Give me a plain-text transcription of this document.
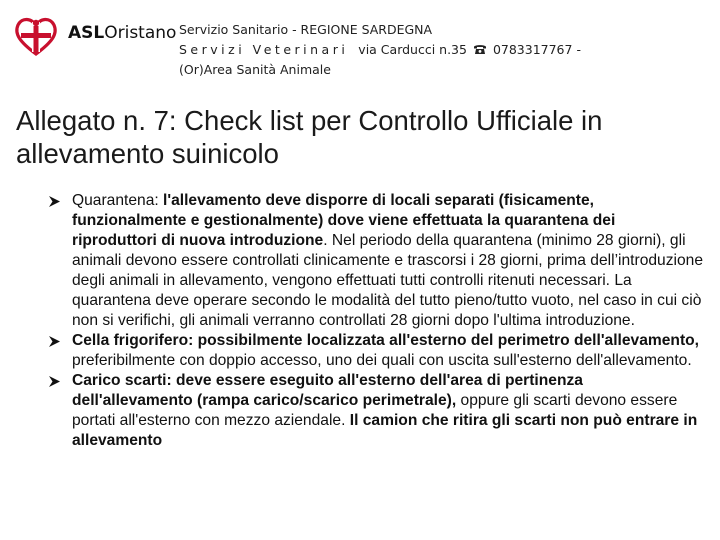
ASLOristano Servizio Sanitario - REGIONE SARDEGNA
Servizi Veterinari via Carducci n.35 0783317767 -
(Or)Area Sanità Animale
Allegato n. 7: Check list per Controllo Ufficiale in allevamento suinicolo
Quarantena: l'allevamento deve disporre di locali separati (fisicamente, funzionalmente e gestionalmente) dove viene effettuata la quarantena dei riproduttori di nuova introduzione. Nel periodo della quarantena (minimo 28 giorni), gli animali devono essere controllati clinicamente e trascorsi i 28 giorni, prima dell’introduzione degli animali in allevamento, vengono effettuati tutti controlli ritenuti necessari. La quarantena deve operare secondo le modalità del tutto pieno/tutto vuoto, nel caso in cui ciò non si verifichi, gli animali verranno controllati 28 giorni dopo l'ultima introduzione.
Cella frigorifero: possibilmente localizzata all'esterno del perimetro dell'allevamento, preferibilmente con doppio accesso, uno dei quali con uscita sull'esterno dell'allevamento.
Carico scarti: deve essere eseguito all'esterno dell'area di pertinenza dell'allevamento (rampa carico/scarico perimetrale), oppure gli scarti devono essere portati all'esterno con mezzo aziendale. Il camion che ritira gli scarti non può entrare in allevamento
